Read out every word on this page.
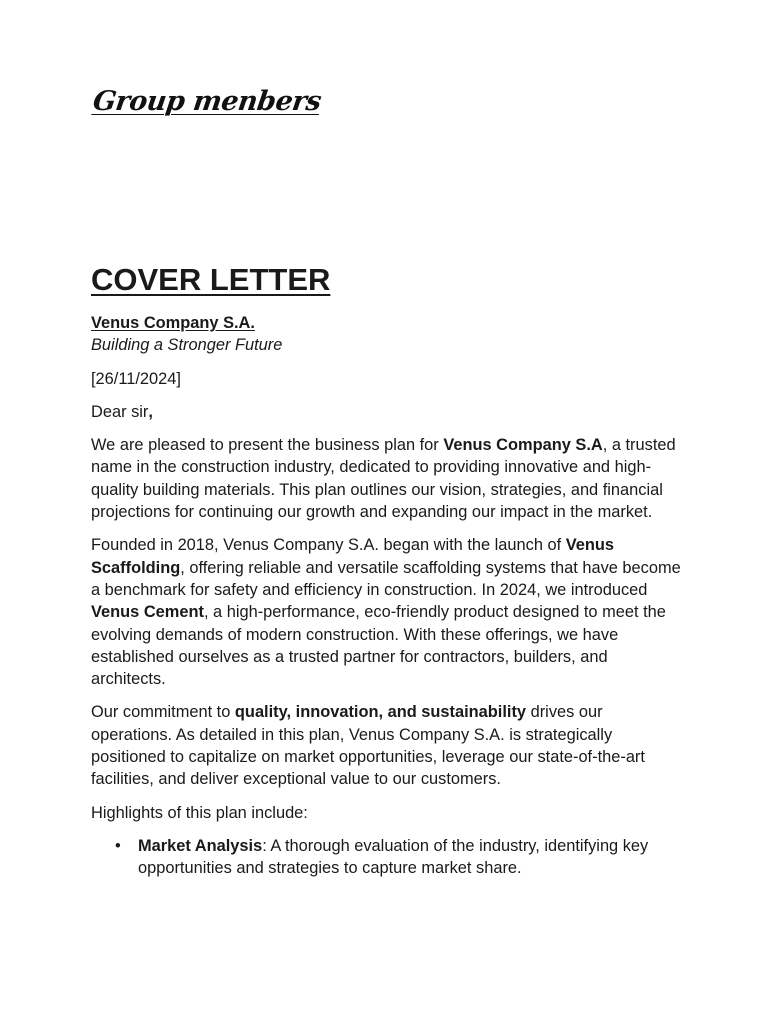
Group menbers
COVER LETTER

Venus Company S.A.

Building a Stronger Future

[26/11/2024]

Dear sir,

We are pleased to present the business plan for Venus Company S.A, a trusted name in the construction industry, dedicated to providing innovative and high-quality building materials. This plan outlines our vision, strategies, and financial projections for continuing our growth and expanding our impact in the market.

Founded in 2018, Venus Company S.A. began with the launch of Venus Scaffolding, offering reliable and versatile scaffolding systems that have become a benchmark for safety and efficiency in construction. In 2024, we introduced Venus Cement, a high-performance, eco-friendly product designed to meet the evolving demands of modern construction. With these offerings, we have established ourselves as a trusted partner for contractors, builders, and architects.

Our commitment to quality, innovation, and sustainability drives our operations. As detailed in this plan, Venus Company S.A. is strategically positioned to capitalize on market opportunities, leverage our state-of-the-art facilities, and deliver exceptional value to our customers.

Highlights of this plan include:

• Market Analysis: A thorough evaluation of the industry, identifying key opportunities and strategies to capture market share.
